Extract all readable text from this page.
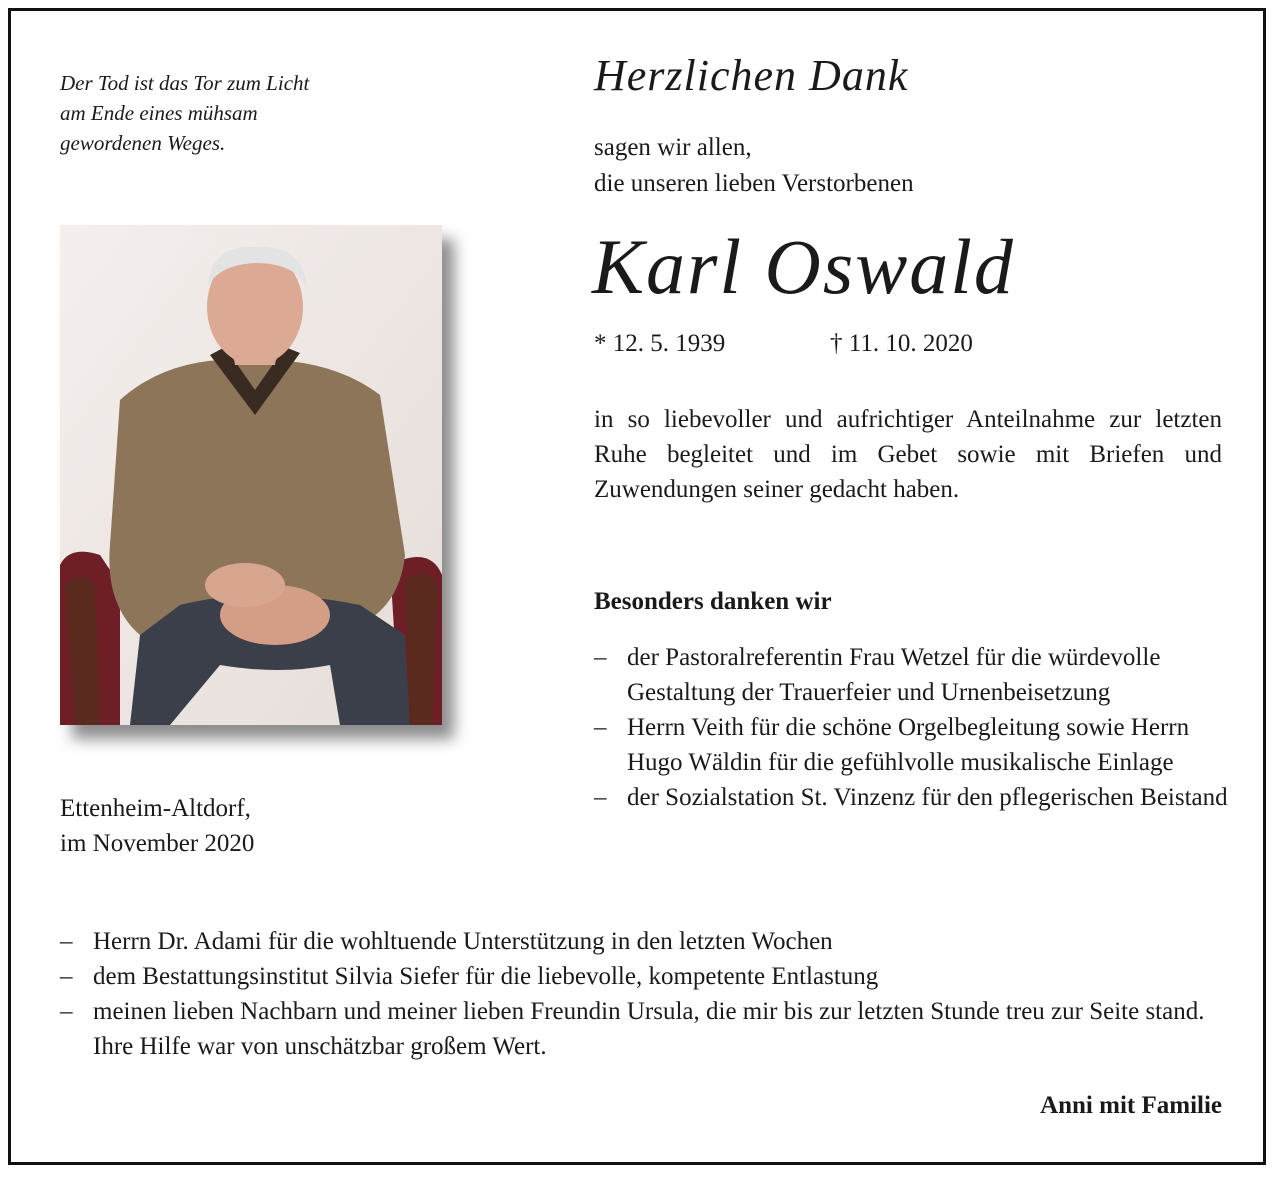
Der Tod ist das Tor zum Licht
am Ende eines mühsam
gewordenen Weges.
Herzlichen Dank
sagen wir allen,
die unseren lieben Verstorbenen
Karl Oswald
* 12. 5. 1939	† 11. 10. 2020
in so liebevoller und aufrichtiger Anteilnahme zur letzten Ruhe begleitet und im Gebet sowie mit Briefen und Zuwendungen seiner gedacht haben.
Besonders danken wir
– der Pastoralreferentin Frau Wetzel für die würdevolle Gestaltung der Trauerfeier und Urnenbeisetzung
– Herrn Veith für die schöne Orgelbegleitung sowie Herrn Hugo Wäldin für die gefühlvolle musikalische Einlage
– der Sozialstation St. Vinzenz für den pflegerischen Beistand
Ettenheim-Altdorf,
im November 2020
– Herrn Dr. Adami für die wohltuende Unterstützung in den letzten Wochen
– dem Bestattungsinstitut Silvia Siefer für die liebevolle, kompetente Entlastung
– meinen lieben Nachbarn und meiner lieben Freundin Ursula, die mir bis zur letzten Stunde treu zur Seite stand. Ihre Hilfe war von unschätzbar großem Wert.
Anni mit Familie
